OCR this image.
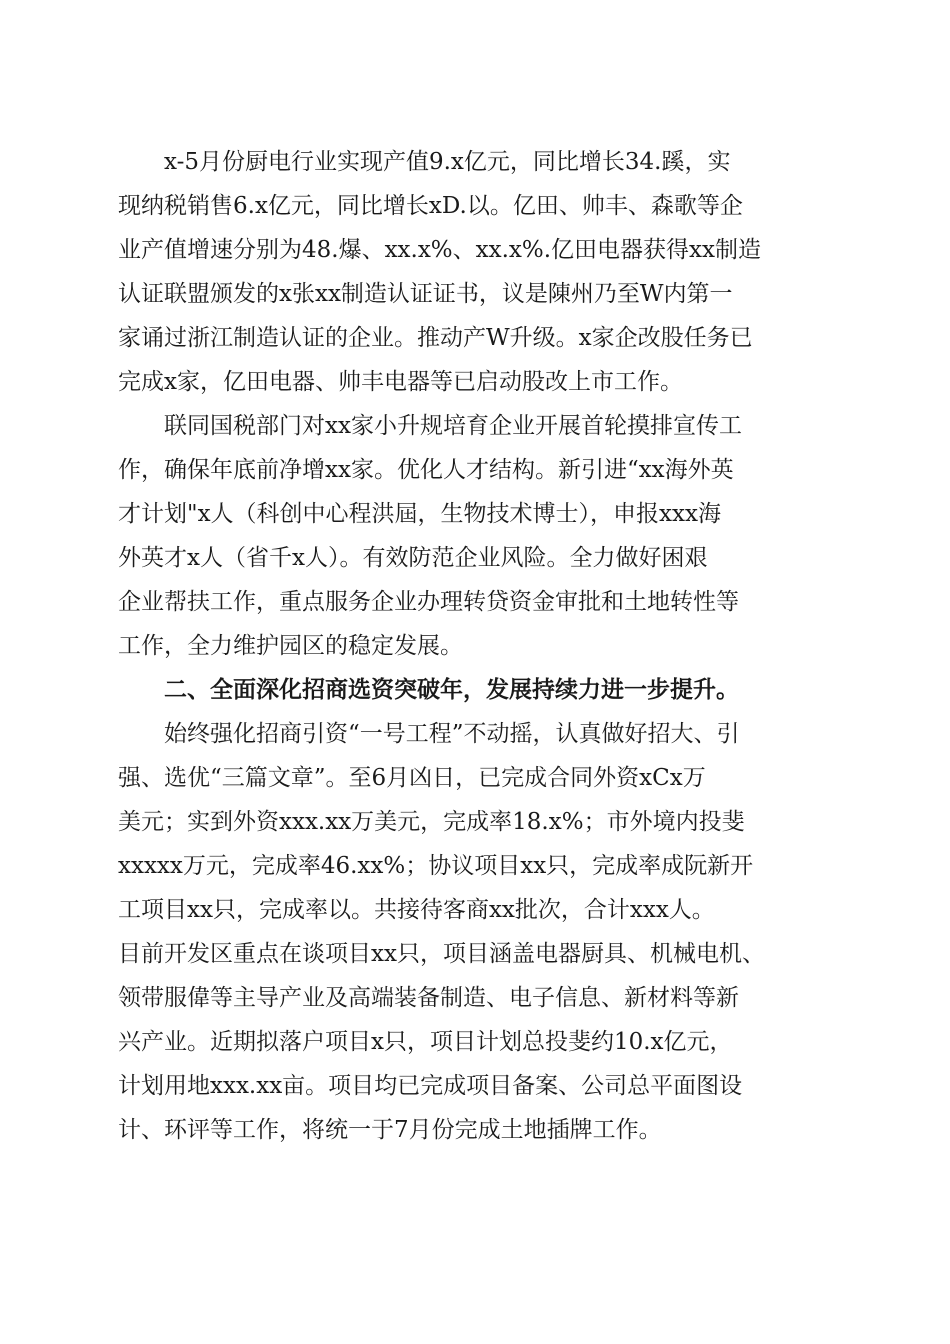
x-5月份厨电行业实现产值9.x亿元，同比增长34.蹊，实
现纳税销售6.x亿元，同比增长xD.以。亿田、帅丰、森歌等企
业产值增速分别为48.爆、xx.x%、xx.x%.亿田电器获得xx制造
认证联盟颁发的x张xx制造认证证书，议是陳州乃至W内第一
家诵过浙江制造认证的企业。推动产W升级。x家企改股任务已
完成x家，亿田电器、帅丰电器等已启动股改上市工作。
联同国税部门对xx家小升规培育企业开展首轮摸排宣传工
作，确保年底前净增xx家。优化人才结构。新引进“xx海外英
才计划"x人（科创中心程洪屆，生物技术博士），申报xxx海
外英才x人（省千x人）。有效防范企业风险。全力做好困艰
企业帮扶工作，重点服务企业办理转贷资金审批和土地转性等
工作，全力维护园区的稳定发展。
二、全面深化招商选资突破年，发展持续力进一步提升。
始终强化招商引资“一号工程”不动摇，认真做好招大、引
强、选优“三篇文章”。至6月凶日，已完成合同外资xCx万
美元；实到外资xxx.xx万美元，完成率18.x%；市外境内投斐
xxxxx万元，完成率46.xx%；协议项目xx只，完成率成阮新开
工项目xx只，完成率以。共接待客商xx批次，合计xxx人。
目前开发区重点在谈项目xx只，项目涵盖电器厨具、机械电机、
领带服偉等主导产业及高端装备制造、电子信息、新材料等新
兴产业。近期拟落户项目x只，项目计划总投斐约10.x亿元，
计划用地xxx.xx亩。项目均已完成项目备案、公司总平面图设
计、环评等工作，将统一于7月份完成土地插牌工作。
